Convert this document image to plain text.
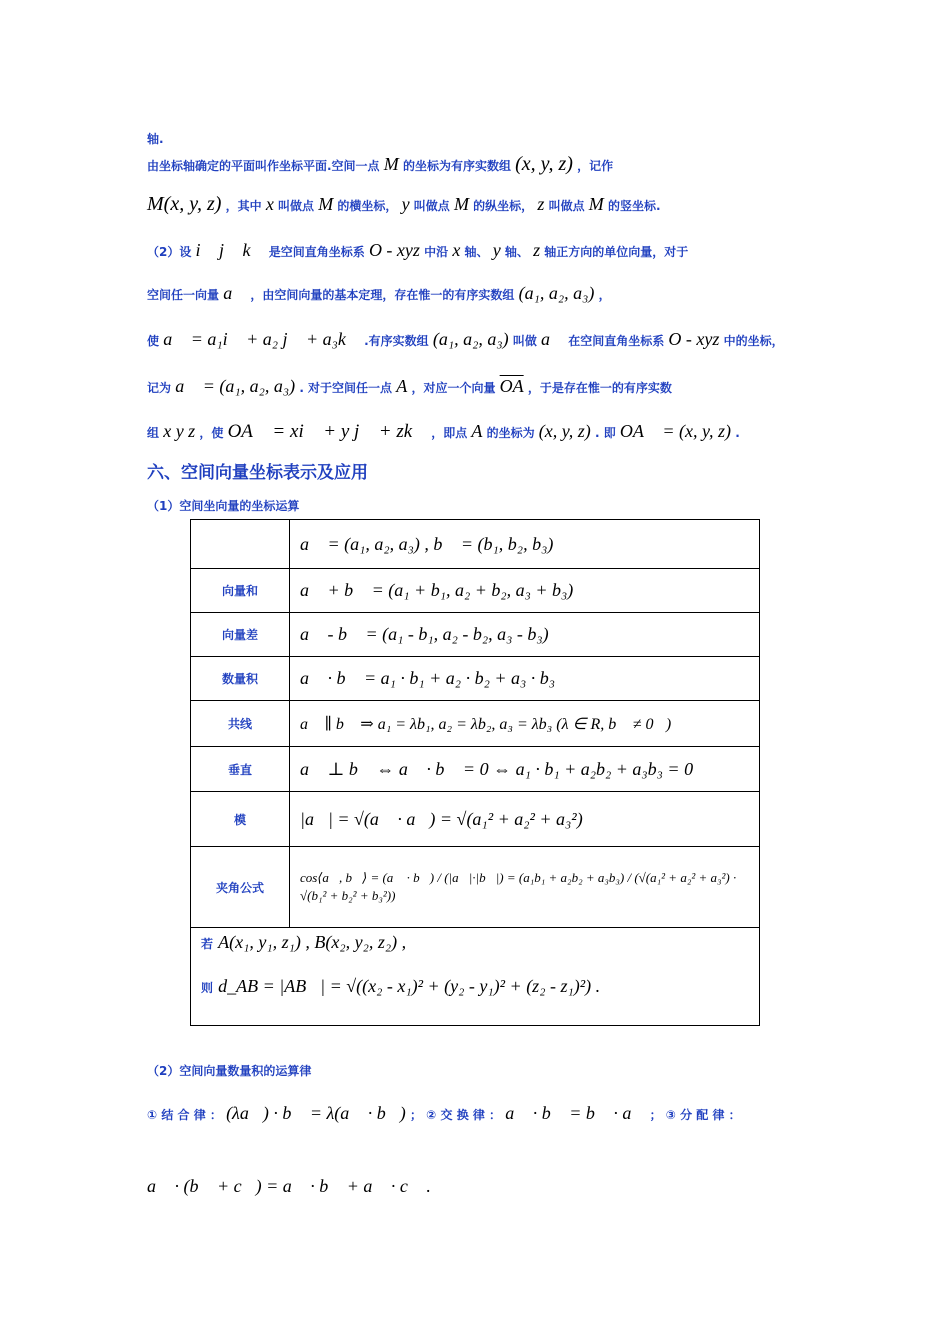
轴.
由坐标轴确定的平面叫作坐标平面.空间一点 M 的坐标为有序实数组 (x, y, z) ，记作
M(x, y, z) ，其中 x 叫做点 M 的横坐标， y 叫做点 M 的纵坐标， z 叫做点 M 的竖坐标.
（2）设 i⃗ j⃗ k⃗ 是空间直角坐标系 O - xyz 中沿 x 轴、 y 轴、 z 轴正方向的单位向量，对于
空间任一向量 a⃗ ，由空间向量的基本定理，存在惟一的有序实数组 (a₁, a₂, a₃) ，
使 a⃗ = a₁i⃗ + a₂ j⃗ + a₃k⃗ .有序实数组 (a₁, a₂, a₃) 叫做 a⃗ 在空间直角坐标系 O - xyz 中的坐标，
记为 a⃗ = (a₁, a₂, a₃) . 对于空间任一点 A ，对应一个向量 $\overline{OA}$ ，于是存在惟一的有序实数
组 x y z ，使 OA⃗ = xi⃗ + y j⃗ + zk⃗ ，即点 A 的坐标为 (x, y, z) . 即 OA⃗ = (x, y, z) .
六、空间向量坐标表示及应用
（1）空间坐向量的坐标运算
	a⃗ = (a₁, a₂, a₃) , b⃗ = (b₁, b₂, b₃)
向量和	a⃗ + b⃗ = (a₁ + b₁, a₂ + b₂, a₃ + b₃)
向量差	a⃗ - b⃗ = (a₁ - b₁, a₂ - b₂, a₃ - b₃)
数量积	a⃗ · b⃗ = a₁ · b₁ + a₂ · b₂ + a₃ · b₃
共线	a⃗ ∥ b⃗ ⇒ a₁ = λb₁, a₂ = λb₂, a₃ = λb₃ (λ ∈ R, b⃗ ≠ 0⃗)
垂直	a⃗ ⊥ b⃗ ⇔ a⃗ · b⃗ = 0 ⇔ a₁ · b₁ + a₂b₂ + a₃b₃ = 0
模	|a⃗| = √(a⃗ · a⃗) = √(a₁² + a₂² + a₃²)
夹角公式	cos⟨a⃗, b⃗⟩ = (a⃗ · b⃗) / (|a⃗|·|b⃗|) = (a₁b₁ + a₂b₂ + a₃b₃) / (√(a₁² + a₂² + a₃²) · √(b₁² + b₂² + b₃²))

若 A(x₁, y₁, z₁) , B(x₂, y₂, z₂) ,
则 d_AB = |AB⃗| = √((x₂ - x₁)² + (y₂ - y₁)² + (z₂ - z₁)²) .	
（2）空间向量数量积的运算律
① 结 合 律 ： (λa⃗) · b⃗ = λ(a⃗ · b⃗) ； ② 交 换 律 ： a⃗ · b⃗ = b⃗ · a⃗ ； ③ 分 配 律 ：
a⃗ · (b⃗ + c⃗) = a⃗ · b⃗ + a⃗ · c⃗ .
